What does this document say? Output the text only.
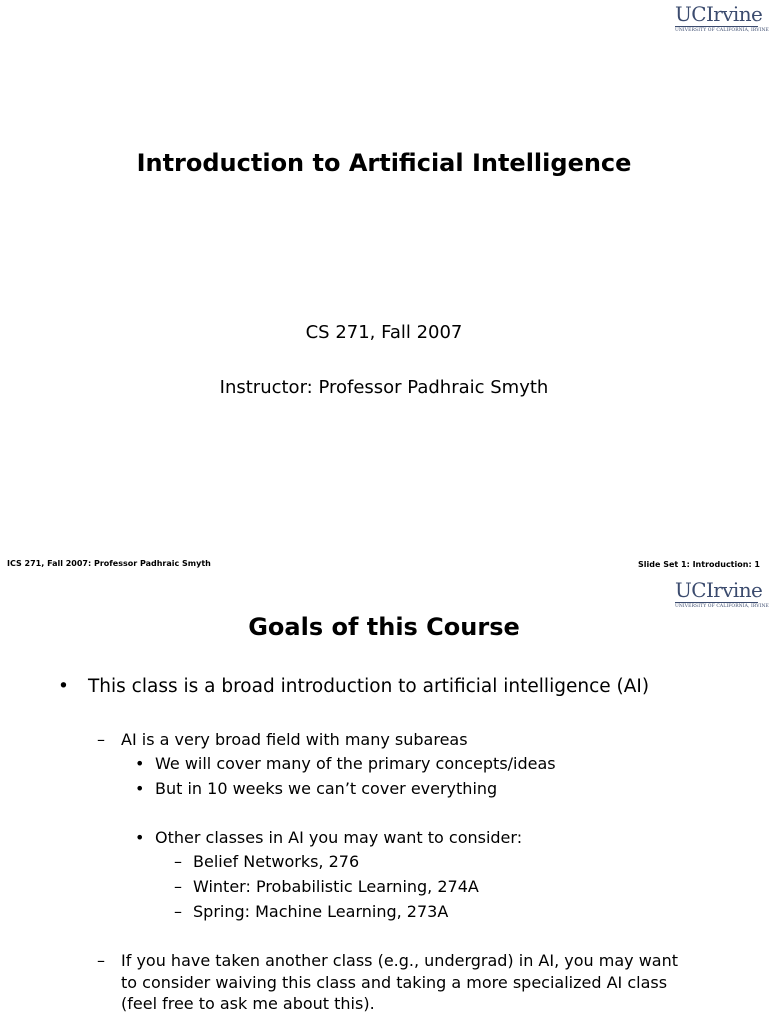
UCIrvine
UNIVERSITY OF CALIFORNIA, IRVINE
Introduction to Artificial Intelligence
CS 271, Fall 2007
Instructor: Professor Padhraic Smyth
ICS 271, Fall 2007: Professor Padhraic Smyth	Slide Set 1: Introduction: 1
UCIrvine
UNIVERSITY OF CALIFORNIA, IRVINE
Goals of this Course
• This class is a broad introduction to artificial intelligence (AI)
– AI is a very broad field with many subareas
• We will cover many of the primary concepts/ideas
• But in 10 weeks we can’t cover everything
• Other classes in AI you may want to consider:
– Belief Networks, 276
– Winter: Probabilistic Learning, 274A
– Spring: Machine Learning, 273A
– If you have taken another class (e.g., undergrad) in AI, you may want to consider waiving this class and taking a more specialized AI class (feel free to ask me about this).
